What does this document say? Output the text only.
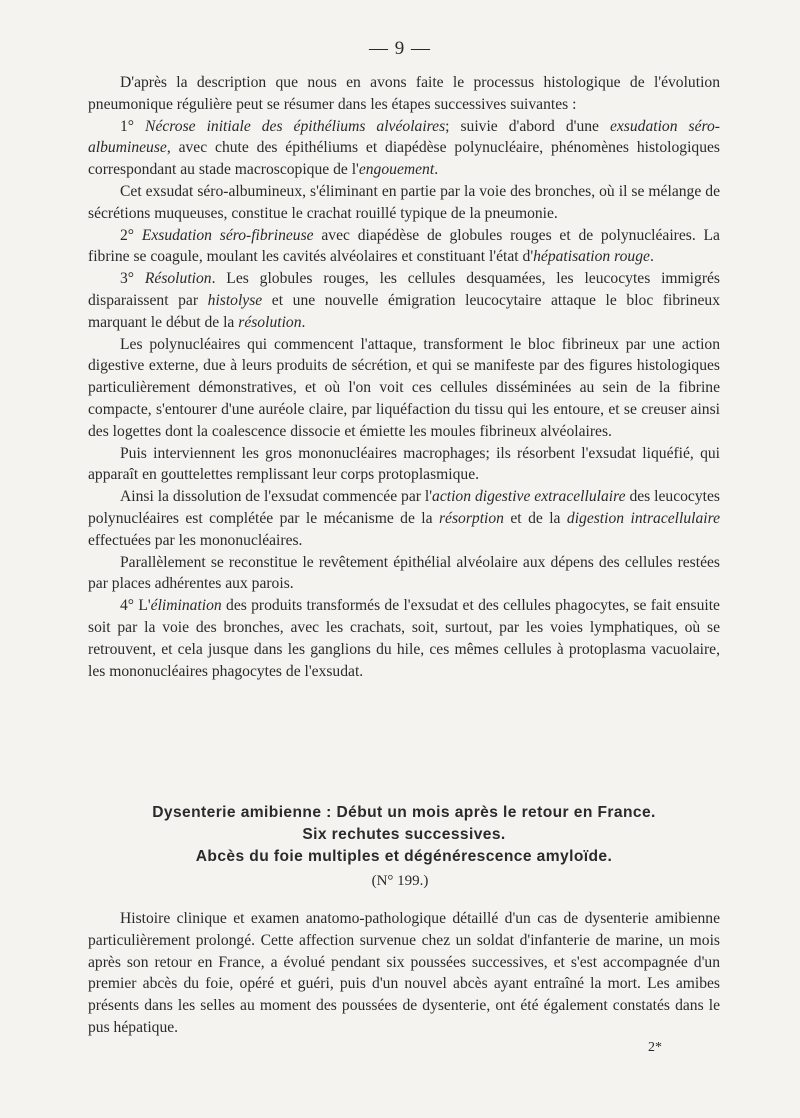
— 9 —

D'après la description que nous en avons faite le processus histologique de l'évolution pneumonique régulière peut se résumer dans les étapes successives suivantes :

1° Nécrose initiale des épithéliums alvéolaires; suivie d'abord d'une exsudation séro-albumineuse, avec chute des épithéliums et diapédèse polynucléaire, phénomènes histologiques correspondant au stade macroscopique de l'engouement.

Cet exsudat séro-albumineux, s'éliminant en partie par la voie des bronches, où il se mélange de sécrétions muqueuses, constitue le crachat rouillé typique de la pneumonie.

2° Exsudation séro-fibrineuse avec diapédèse de globules rouges et de polynucléaires. La fibrine se coagule, moulant les cavités alvéolaires et constituant l'état d'hépatisation rouge.

3° Résolution. Les globules rouges, les cellules desquamées, les leucocytes immigrés disparaissent par histolyse et une nouvelle émigration leucocytaire attaque le bloc fibrineux marquant le début de la résolution.

Les polynucléaires qui commencent l'attaque, transforment le bloc fibrineux par une action digestive externe, due à leurs produits de sécrétion, et qui se manifeste par des figures histologiques particulièrement démonstratives, et où l'on voit ces cellules disséminées au sein de la fibrine compacte, s'entourer d'une auréole claire, par liquéfaction du tissu qui les entoure, et se creuser ainsi des logettes dont la coalescence dissocie et émiette les moules fibrineux alvéolaires.

Puis interviennent les gros mononucléaires macrophages; ils résorbent l'exsudat liquéfié, qui apparaît en gouttelettes remplissant leur corps protoplasmique.

Ainsi la dissolution de l'exsudat commencée par l'action digestive extracellulaire des leucocytes polynucléaires est complétée par le mécanisme de la résorption et de la digestion intracellulaire effectuées par les mononucléaires.

Parallèlement se reconstitue le revêtement épithélial alvéolaire aux dépens des cellules restées par places adhérentes aux parois.

4° L'élimination des produits transformés de l'exsudat et des cellules phagocytes, se fait ensuite soit par la voie des bronches, avec les crachats, soit, surtout, par les voies lymphatiques, où se retrouvent, et cela jusque dans les ganglions du hile, ces mêmes cellules à protoplasma vacuolaire, les mononucléaires phagocytes de l'exsudat.

Dysenterie amibienne : Début un mois après le retour en France.
Six rechutes successives.
Abcès du foie multiples et dégénérescence amyloïde.
(N° 199.)

Histoire clinique et examen anatomo-pathologique détaillé d'un cas de dysenterie amibienne particulièrement prolongé. Cette affection survenue chez un soldat d'infanterie de marine, un mois après son retour en France, a évolué pendant six poussées successives, et s'est accompagnée d'un premier abcès du foie, opéré et guéri, puis d'un nouvel abcès ayant entraîné la mort. Les amibes présents dans les selles au moment des poussées de dysenterie, ont été également constatés dans le pus hépatique.

2*
